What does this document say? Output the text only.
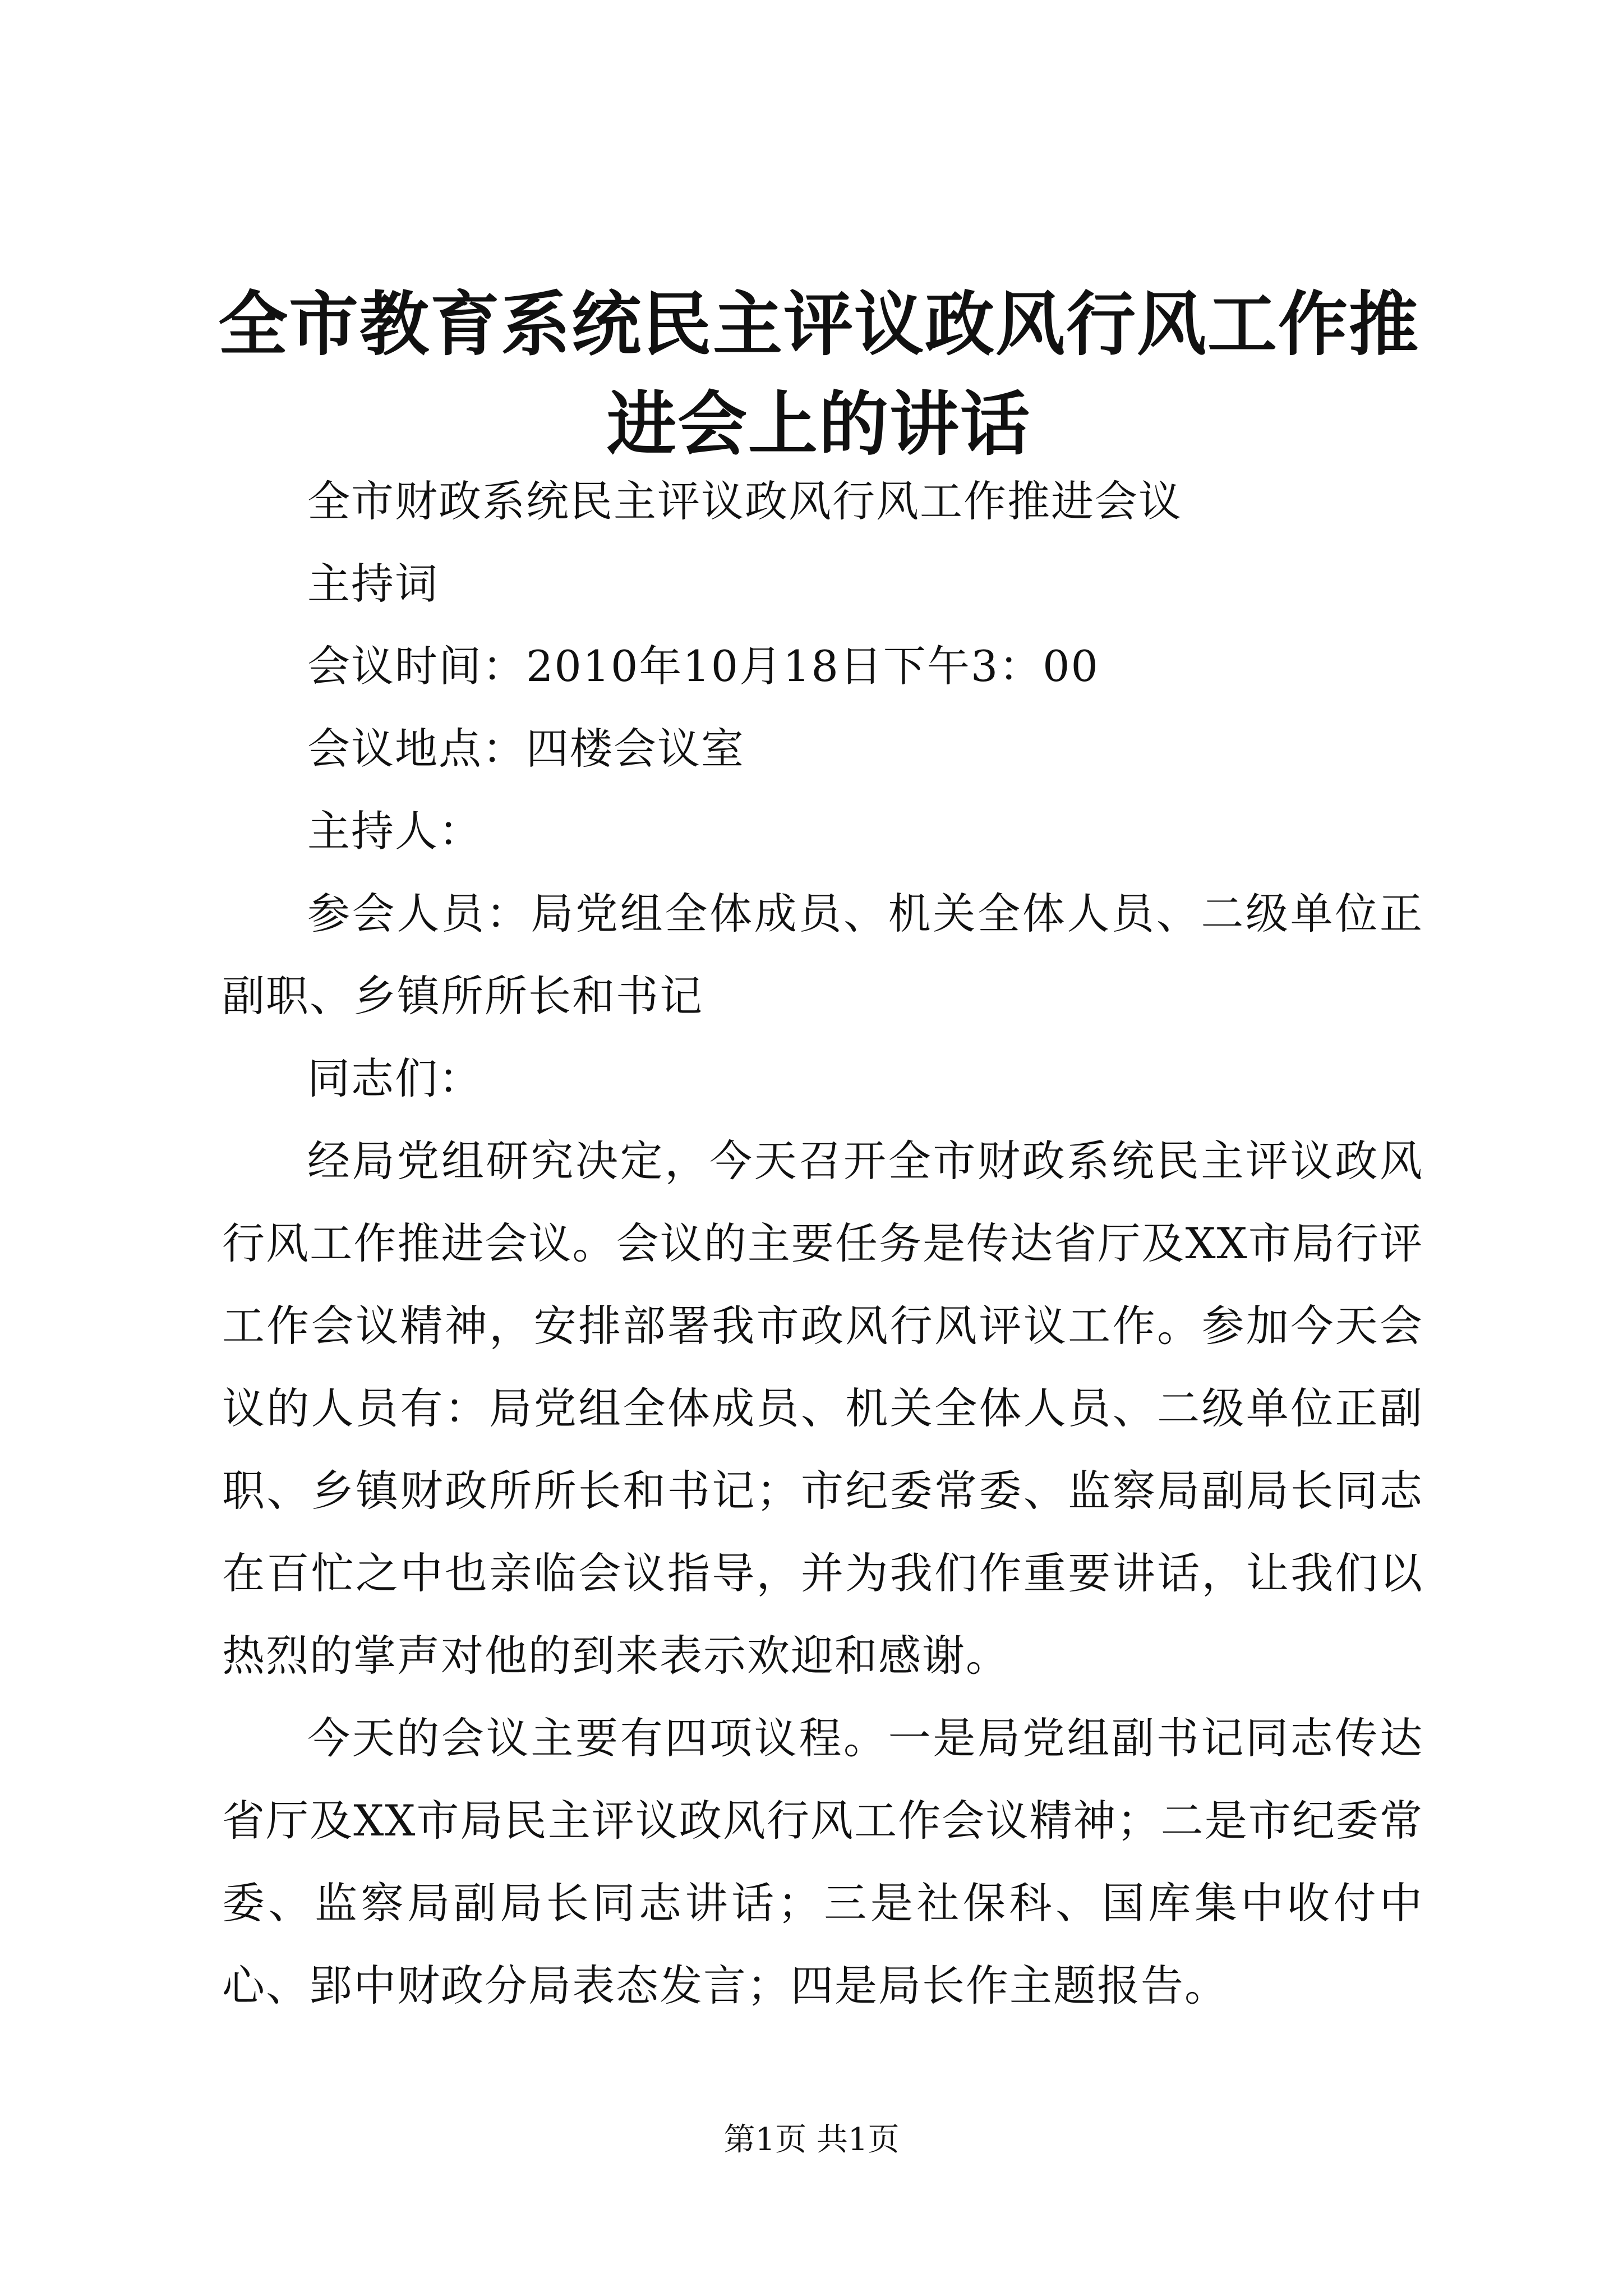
全市教育系统民主评议政风行风工作推进会上的讲话

全市财政系统民主评议政风行风工作推进会议

主持词

会议时间：2010年10月18日下午3：00

会议地点：四楼会议室

主持人：

参会人员：局党组全体成员、机关全体人员、二级单位正副职、乡镇所所长和书记

同志们：

经局党组研究决定，今天召开全市财政系统民主评议政风行风工作推进会议。会议的主要任务是传达省厅及XX市局行评工作会议精神，安排部署我市政风行风评议工作。参加今天会议的人员有：局党组全体成员、机关全体人员、二级单位正副职、乡镇财政所所长和书记；市纪委常委、监察局副局长同志在百忙之中也亲临会议指导，并为我们作重要讲话，让我们以热烈的掌声对他的到来表示欢迎和感谢。

今天的会议主要有四项议程。一是局党组副书记同志传达省厅及XX市局民主评议政风行风工作会议精神；二是市纪委常委、监察局副局长同志讲话；三是社保科、国库集中收付中心、郢中财政分局表态发言；四是局长作主题报告。

第1页 共1页
